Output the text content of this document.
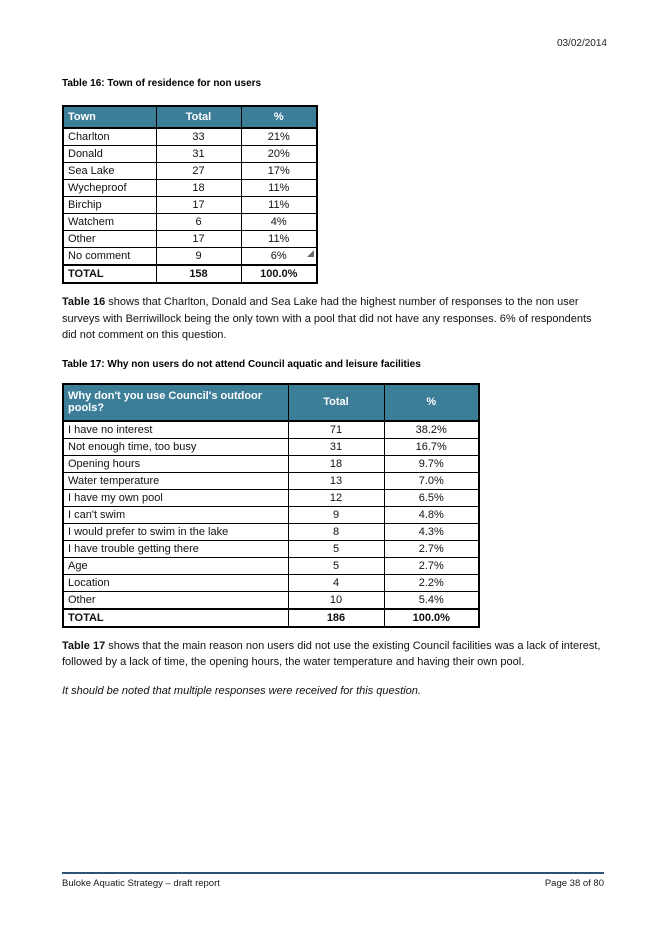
03/02/2014

Table 16: Town of residence for non users

Town	Total	%
Charlton	33	21%
Donald	31	20%
Sea Lake	27	17%
Wycheproof	18	11%
Birchip	17	11%
Watchem	6	4%
Other	17	11%
No comment	9	6%
TOTAL	158	100.0%

Table 16 shows that Charlton, Donald and Sea Lake had the highest number of responses to the non user surveys with Berriwillock being the only town with a pool that did not have any responses. 6% of respondents did not comment on this question.

Table 17: Why non users do not attend Council aquatic and leisure facilities

Why don't you use Council's outdoor pools?	Total	%
I have no interest	71	38.2%
Not enough time, too busy	31	16.7%
Opening hours	18	9.7%
Water temperature	13	7.0%
I have my own pool	12	6.5%
I can't swim	9	4.8%
I would prefer to swim in the lake	8	4.3%
I have trouble getting there	5	2.7%
Age	5	2.7%
Location	4	2.2%
Other	10	5.4%
TOTAL	186	100.0%

Table 17 shows that the main reason non users did not use the existing Council facilities was a lack of interest, followed by a lack of time, the opening hours, the water temperature and having their own pool.

It should be noted that multiple responses were received for this question.

Buloke Aquatic Strategy – draft report	Page 38 of 80
